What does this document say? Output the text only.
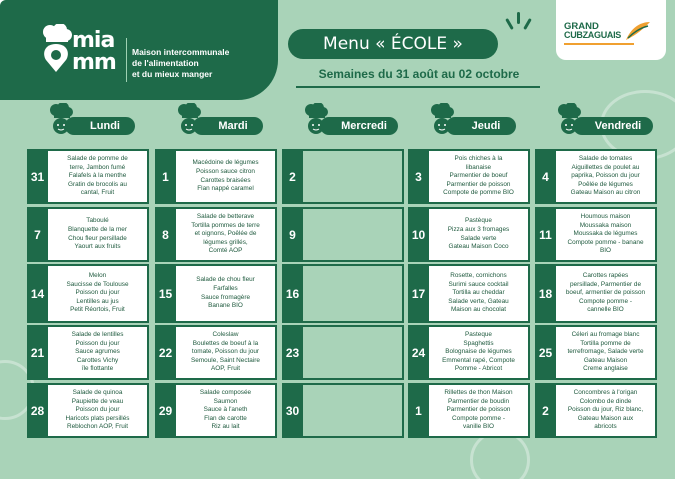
mia
mm Maison intercommunale
de l'alimentation
et du mieux manger
Menu « ÉCOLE »
Semaines du 31 août au 02 octobre
GRAND
CUBZAGUAIS
Lundi
31
Salade de pomme de
terre, Jambon fumé
Falafels à la menthe
Gratin de brocolis au
cantal, Fruit
7
Taboulé
Blanquette de la mer
Chou fleur persillade
Yaourt aux fruits
14
Melon
Saucisse de Toulouse
Poisson du jour
Lentilles au jus
Petit Réortois, Fruit
21
Salade de lentilles
Poisson du jour
Sauce agrumes
Carottes Vichy
île flottante
28
Salade de quinoa
Paupiette de veau
Poisson du jour
Haricots plats persillés
Reblochon AOP, Fruit
Mardi
1
Macédoine de légumes
Poisson sauce citron
Carottes braisées
Flan nappé caramel
8
Salade de betterave
Tortilla pommes de terre
et oignons, Poêlée de
légumes grillés,
Comté AOP
15
Salade de chou fleur
Farfalles
Sauce fromagère
Banane BIO
22
Coleslaw
Boulettes de boeuf à la
tomate, Poisson du jour
Semoule, Saint Nectaire
AOP, Fruit
29
Salade composée
Saumon
Sauce à l'aneth
Flan de carotte
Riz au lait
Mercredi
2
9
16
23
30
Jeudi
3
Pois chiches à la
libanaise
Parmentier de boeuf
Parmentier de poisson
Compote de pomme BIO
10
Pastèque
Pizza aux 3 fromages
Salade verte
Gateau Maison Coco
17
Rosette, cornichons
Surimi sauce cocktail
Tortilla au cheddar
Salade verte, Gateau
Maison au chocolat
24
Pasteque
Spaghettis
Bolognaise de légumes
Emmental rapé, Compote
Pomme - Abricot
1
Rillettes de thon Maison
Parmentier de boudin
Parmentier de poisson
Compote pomme -
vanille BIO
Vendredi
4
Salade de tomates
Aiguillettes de poulet au
paprika, Poisson du jour
Poêlée de légumes
Gateau Maison au citron
11
Houmous maison
Moussaka maison
Moussaka de légumes
Compote pomme - banane
BIO
18
Carottes rapées
persillade, Parmentier de
boeuf, armentier de poisson
Compote pomme -
cannelle BIO
25
Céleri au fromage blanc
Tortilla pomme de
terrefromage, Salade verte
Gateau Maison
Creme anglaise
2
Concombres à l'origan
Colombo de dinde
Poisson du jour, Riz blanc,
Gateau Maison aux
abricots
